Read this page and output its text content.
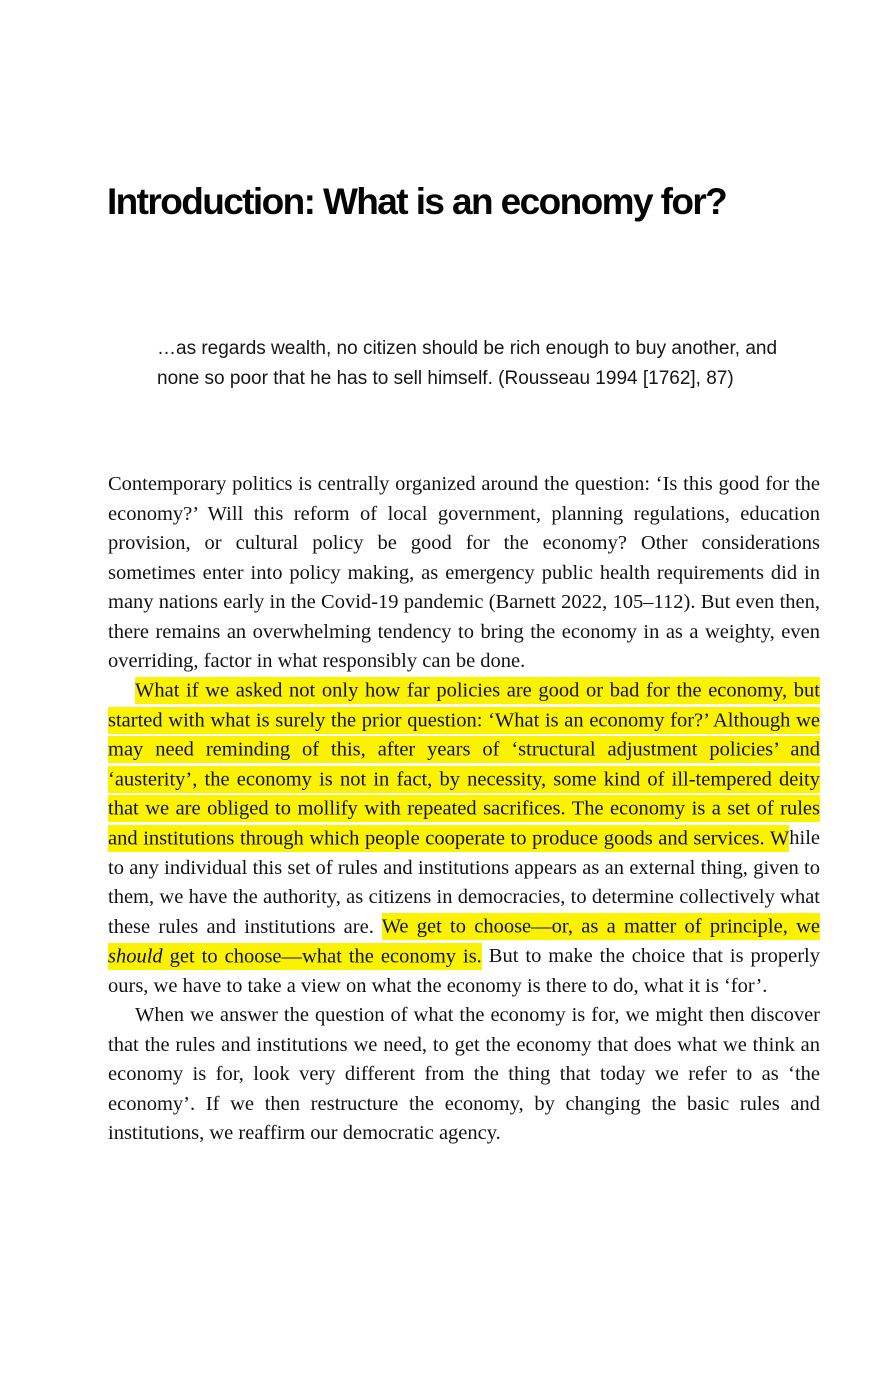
Introduction: What is an economy for?

…as regards wealth, no citizen should be rich enough to buy another, and none so poor that he has to sell himself. (Rousseau 1994 [1762], 87)

Contemporary politics is centrally organized around the question: ‘Is this good for the economy?’ Will this reform of local government, planning regulations, education provision, or cultural policy be good for the economy? Other considerations sometimes enter into policy making, as emergency public health requirements did in many nations early in the Covid-19 pandemic (Barnett 2022, 105–112). But even then, there remains an overwhelming tendency to bring the economy in as a weighty, even overriding, factor in what responsibly can be done.

What if we asked not only how far policies are good or bad for the economy, but started with what is surely the prior question: ‘What is an economy for?’ Although we may need reminding of this, after years of ‘structural adjustment policies’ and ‘austerity’, the economy is not in fact, by necessity, some kind of ill-tempered deity that we are obliged to mollify with repeated sacrifices. The economy is a set of rules and institutions through which people cooperate to produce goods and services. While to any individual this set of rules and institutions appears as an external thing, given to them, we have the authority, as citizens in democracies, to determine collectively what these rules and institutions are. We get to choose—or, as a matter of principle, we should get to choose—what the economy is. But to make the choice that is properly ours, we have to take a view on what the economy is there to do, what it is ‘for’.

When we answer the question of what the economy is for, we might then discover that the rules and institutions we need, to get the economy that does what we think an economy is for, look very different from the thing that today we refer to as ‘the economy’. If we then restructure the economy, by changing the basic rules and institutions, we reaffirm our democratic agency.
